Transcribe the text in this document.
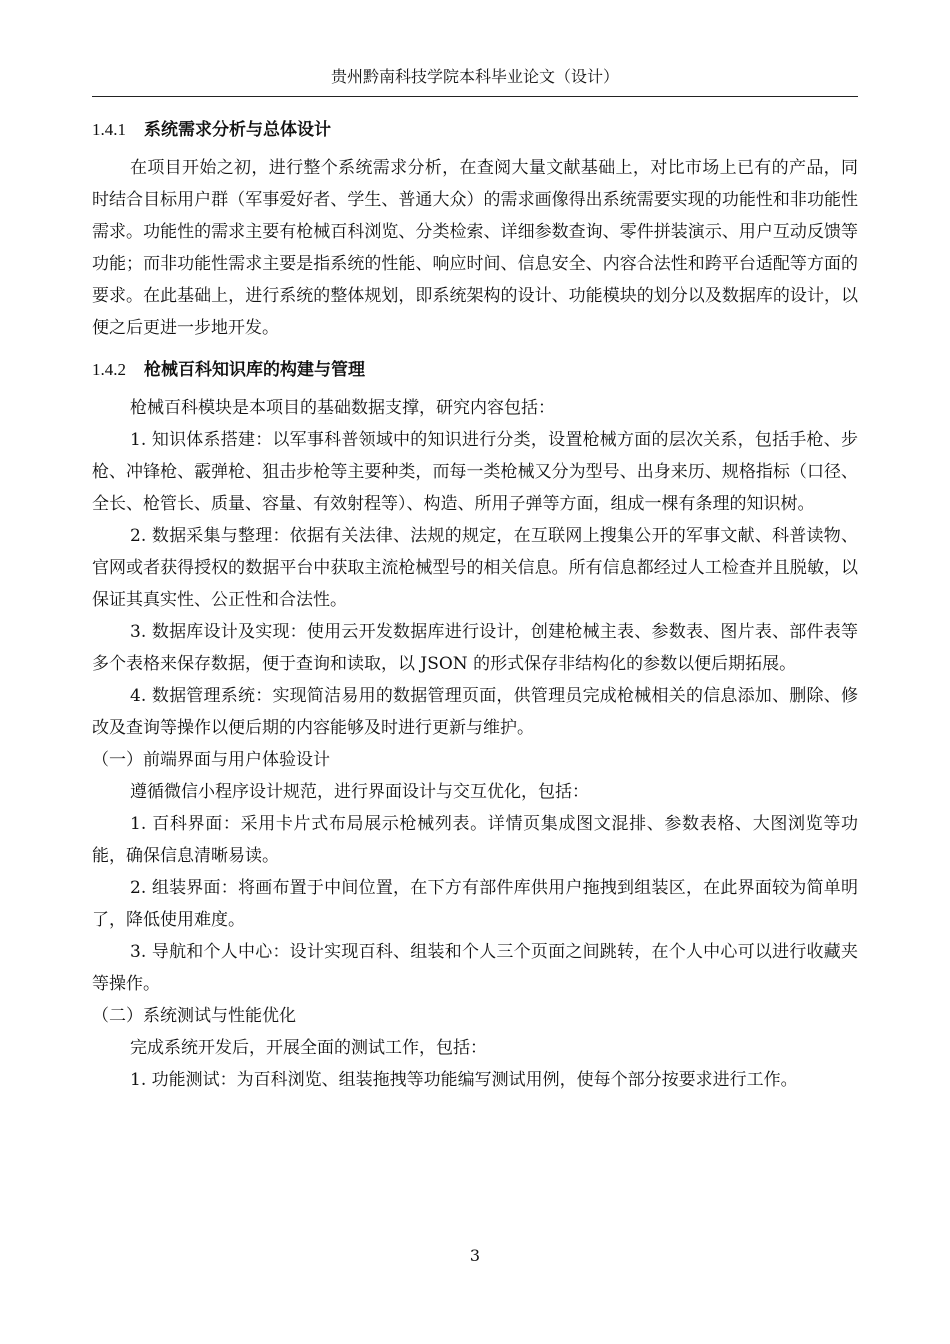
贵州黔南科技学院本科毕业论文（设计）
1.4.1 系统需求分析与总体设计

在项目开始之初，进行整个系统需求分析，在查阅大量文献基础上，对比市场上已有的产品，同时结合目标用户群（军事爱好者、学生、普通大众）的需求画像得出系统需要实现的功能性和非功能性需求。功能性的需求主要有枪械百科浏览、分类检索、详细参数查询、零件拼装演示、用户互动反馈等功能；而非功能性需求主要是指系统的性能、响应时间、信息安全、内容合法性和跨平台适配等方面的要求。在此基础上，进行系统的整体规划，即系统架构的设计、功能模块的划分以及数据库的设计，以便之后更进一步地开发。

1.4.2 枪械百科知识库的构建与管理

枪械百科模块是本项目的基础数据支撑，研究内容包括：

1. 知识体系搭建：以军事科普领域中的知识进行分类，设置枪械方面的层次关系，包括手枪、步枪、冲锋枪、霰弹枪、狙击步枪等主要种类，而每一类枪械又分为型号、出身来历、规格指标（口径、全长、枪管长、质量、容量、有效射程等）、构造、所用子弹等方面，组成一棵有条理的知识树。

2. 数据采集与整理：依据有关法律、法规的规定，在互联网上搜集公开的军事文献、科普读物、官网或者获得授权的数据平台中获取主流枪械型号的相关信息。所有信息都经过人工检查并且脱敏，以保证其真实性、公正性和合法性。

3. 数据库设计及实现：使用云开发数据库进行设计，创建枪械主表、参数表、图片表、部件表等多个表格来保存数据，便于查询和读取，以 JSON 的形式保存非结构化的参数以便后期拓展。

4. 数据管理系统：实现简洁易用的数据管理页面，供管理员完成枪械相关的信息添加、删除、修改及查询等操作以便后期的内容能够及时进行更新与维护。

（一）前端界面与用户体验设计

遵循微信小程序设计规范，进行界面设计与交互优化，包括：

1. 百科界面：采用卡片式布局展示枪械列表。详情页集成图文混排、参数表格、大图浏览等功能，确保信息清晰易读。

2. 组装界面：将画布置于中间位置，在下方有部件库供用户拖拽到组装区，在此界面较为简单明了，降低使用难度。

3. 导航和个人中心：设计实现百科、组装和个人三个页面之间跳转，在个人中心可以进行收藏夹等操作。

（二）系统测试与性能优化

完成系统开发后，开展全面的测试工作，包括：

1. 功能测试：为百科浏览、组装拖拽等功能编写测试用例，使每个部分按要求进行工作。

3
